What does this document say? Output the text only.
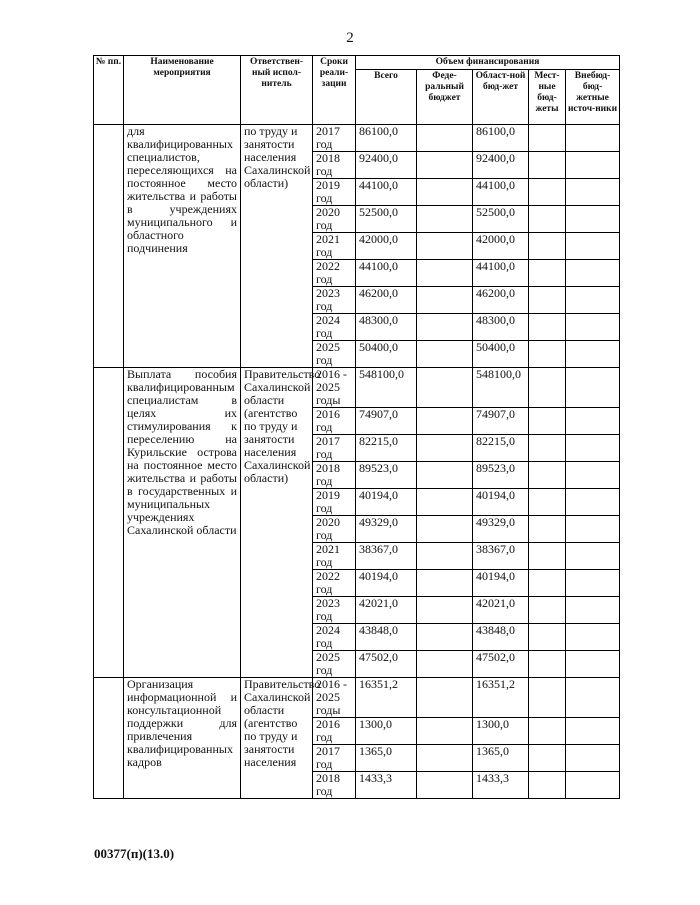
2
№ пп.	Наименование мероприятия	Ответствен-ный испол-нитель	Сроки реали-зации	Объем финансирования				
				Всего	Феде-ральный бюджет	Област-ной бюд-жет	Мест-ные бюд-жеты	Внебюд-бюд-жетные источ-ники
	для квалифицированных специалистов, переселяющихся на постоянное место жительства и работы в учреждениях муниципального и областного подчинения	по труду и занятости населения Сахалинской области)	2017 год	86100,0		86100,0		
			2018 год	92400,0		92400,0		
			2019 год	44100,0		44100,0		
			2020 год	52500,0		52500,0		
			2021 год	42000,0		42000,0		
			2022 год	44100,0		44100,0		
			2023 год	46200,0		46200,0		
			2024 год	48300,0		48300,0		
			2025 год	50400,0		50400,0		
	Выплата пособия квалифицированным специалистам в целях их стимулирования к переселению на Курильские острова на постоянное место жительства и работы в государственных и муниципальных учреждениях Сахалинской области	Правительство Сахалинской области (агентство по труду и занятости населения Сахалинской области)	2016 - 2025 годы	548100,0		548100,0		
			2016 год	74907,0		74907,0		
			2017 год	82215,0		82215,0		
			2018 год	89523,0		89523,0		
			2019 год	40194,0		40194,0		
			2020 год	49329,0		49329,0		
			2021 год	38367,0		38367,0		
			2022 год	40194,0		40194,0		
			2023 год	42021,0		42021,0		
			2024 год	43848,0		43848,0		
			2025 год	47502,0		47502,0		
	Организация информационной и консультационной поддержки для привлечения квалифицированных кадров	Правительство Сахалинской области (агентство по труду и занятости населения	2016 - 2025 годы	16351,2		16351,2		
			2016 год	1300,0		1300,0		
			2017 год	1365,0		1365,0		
			2018 год	1433,3		1433,3		
00377(п)(13.0)
